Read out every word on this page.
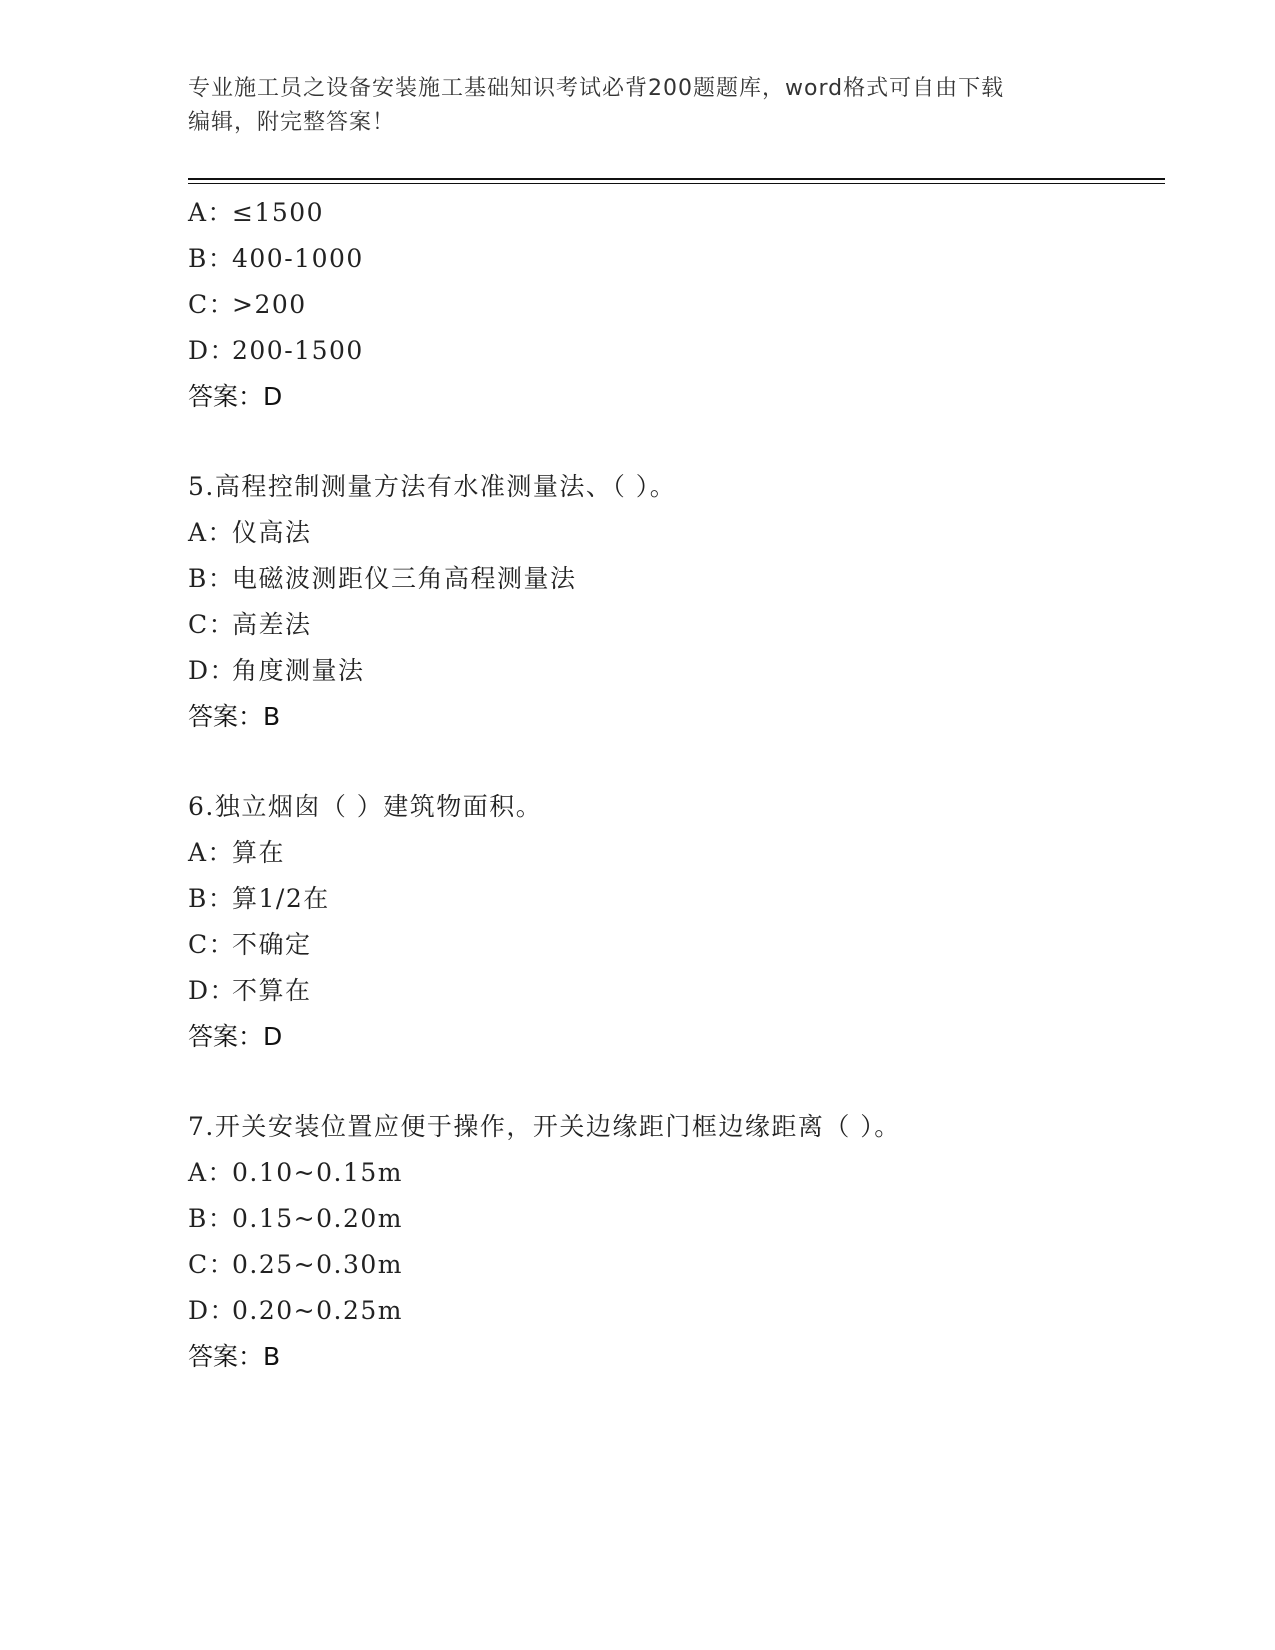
专业施工员之设备安装施工基础知识考试必背200题题库，word格式可自由下载
编辑，附完整答案！
A：≤1500
B：400-1000
C：>200
D：200-1500
答案：D
5.高程控制测量方法有水准测量法、（ ）。
A：仪高法
B：电磁波测距仪三角高程测量法
C：高差法
D：角度测量法
答案：B
6.独立烟囱（ ）建筑物面积。
A：算在
B：算1/2在
C：不确定
D：不算在
答案：D
7.开关安装位置应便于操作，开关边缘距门框边缘距离（ ）。
A：0.10~0.15m
B：0.15~0.20m
C：0.25~0.30m
D：0.20~0.25m
答案：B
